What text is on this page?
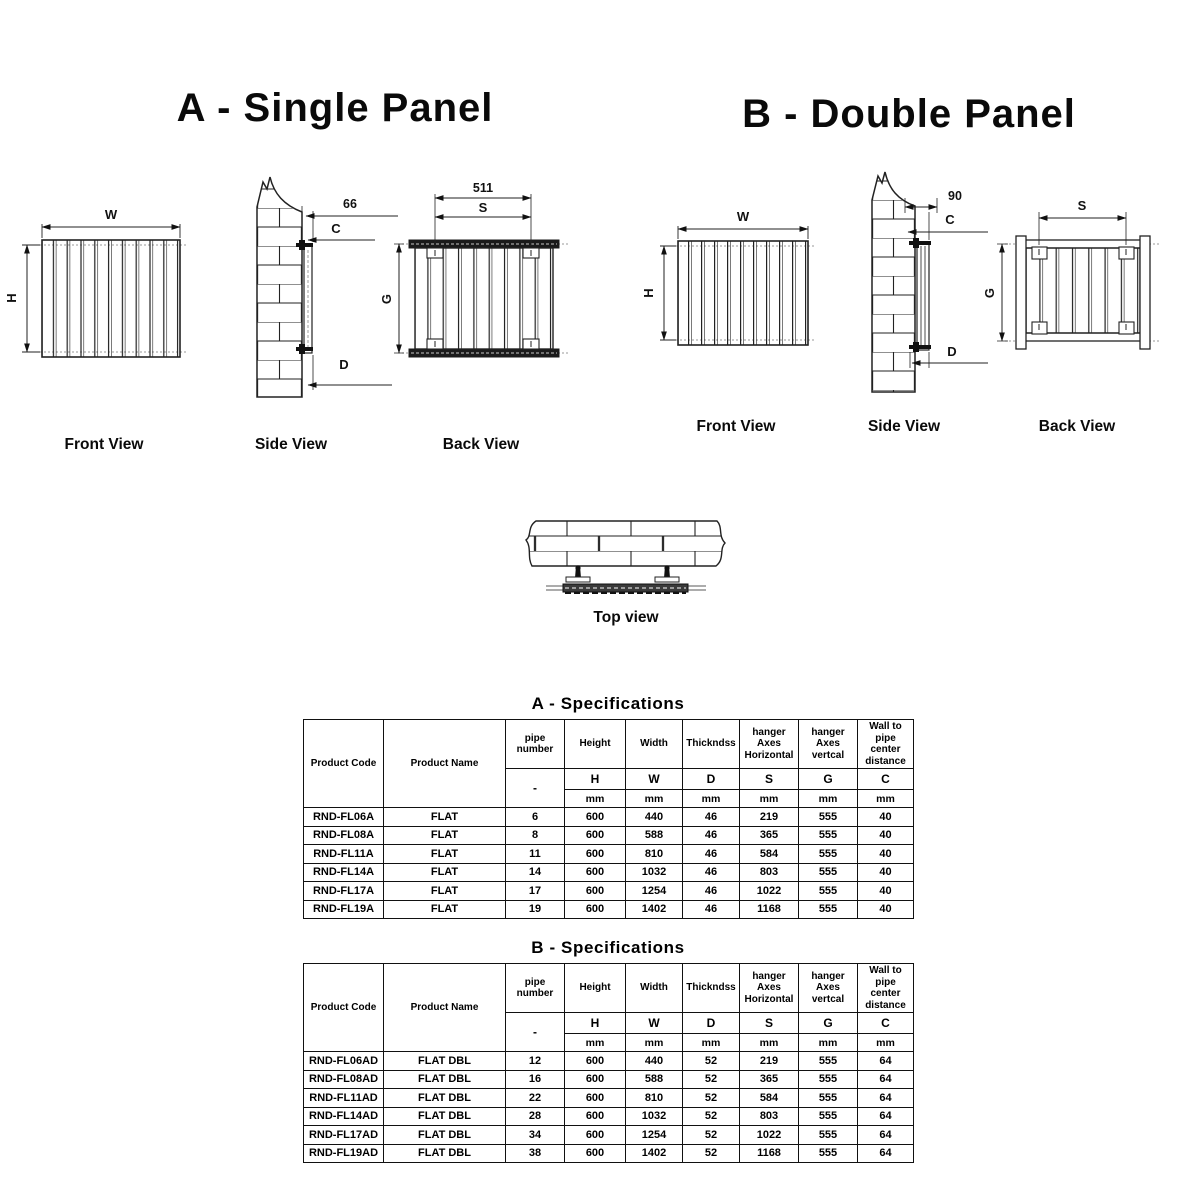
A - Single Panel	B - Double Panel
W
H
66
C
D
511
S
G
W
H
90
C
D
S
G
Top view
Front View	Side View	Back View
Front View	Side View	Back View
A - Specifications
Product Code	Product Name	pipe number	Height	Width	Thickndss	hanger Axes Horizontal	hanger Axes vertcal	Wall to pipe center distance
		-	H	W	D	S	G	C
			mm	mm	mm	mm	mm	mm
RND-FL06A	FLAT	6	600	440	46	219	555	40
RND-FL08A	FLAT	8	600	588	46	365	555	40
RND-FL11A	FLAT	11	600	810	46	584	555	40
RND-FL14A	FLAT	14	600	1032	46	803	555	40
RND-FL17A	FLAT	17	600	1254	46	1022	555	40
RND-FL19A	FLAT	19	600	1402	46	1168	555	40
B - Specifications
Product Code	Product Name	pipe number	Height	Width	Thickndss	hanger Axes Horizontal	hanger Axes vertcal	Wall to pipe center distance
		-	H	W	D	S	G	C
			mm	mm	mm	mm	mm	mm
RND-FL06AD	FLAT DBL	12	600	440	52	219	555	64
RND-FL08AD	FLAT DBL	16	600	588	52	365	555	64
RND-FL11AD	FLAT DBL	22	600	810	52	584	555	64
RND-FL14AD	FLAT DBL	28	600	1032	52	803	555	64
RND-FL17AD	FLAT DBL	34	600	1254	52	1022	555	64
RND-FL19AD	FLAT DBL	38	600	1402	52	1168	555	64
